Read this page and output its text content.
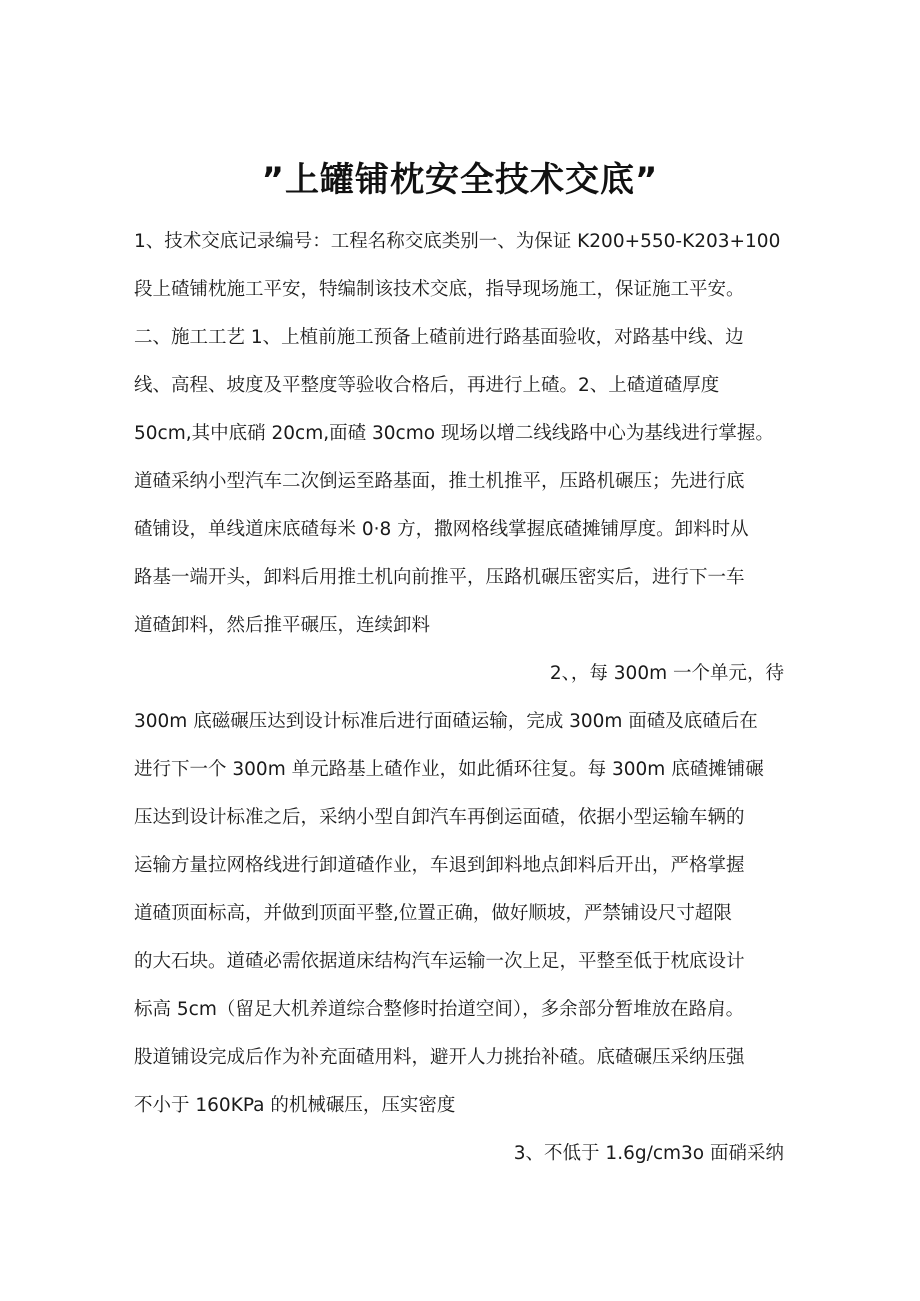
”上罐铺枕安全技术交底”
1、技术交底记录编号：工程名称交底类别一、为保证 K200+550-K203+100
段上碴铺枕施工平安，特编制该技术交底，指导现场施工，保证施工平安。
二、施工工艺 1、上植前施工预备上碴前进行路基面验收，对路基中线、边
线、高程、坡度及平整度等验收合格后，再进行上碴。2、上碴道碴厚度
50cm,其中底硝 20cm,面碴 30cmo 现场以增二线线路中心为基线进行掌握。
道碴采纳小型汽车二次倒运至路基面，推土机推平，压路机碾压；先进行底
碴铺设，单线道床底碴每米 0·8 方，撒网格线掌握底碴摊铺厚度。卸料时从
路基一端开头，卸料后用推土机向前推平，压路机碾压密实后，进行下一车
道碴卸料，然后推平碾压，连续卸料
2、，每 300m 一个单元，待
300m 底磁碾压达到设计标准后进行面碴运输，完成 300m 面碴及底碴后在
进行下一个 300m 单元路基上碴作业，如此循环往复。每 300m 底碴摊铺碾
压达到设计标准之后，采纳小型自卸汽车再倒运面碴，依据小型运输车辆的
运输方量拉网格线进行卸道碴作业，车退到卸料地点卸料后开出，严格掌握
道碴顶面标高，并做到顶面平整,位置正确，做好顺坡，严禁铺设尺寸超限
的大石块。道碴必需依据道床结构汽车运输一次上足，平整至低于枕底设计
标高 5cm（留足大机养道综合整修时抬道空间），多余部分暂堆放在路肩。
股道铺设完成后作为补充面碴用料，避开人力挑抬补碴。底碴碾压采纳压强
不小于 160KPa 的机械碾压，压实密度
3、不低于 1.6g/cm3o 面硝采纳
